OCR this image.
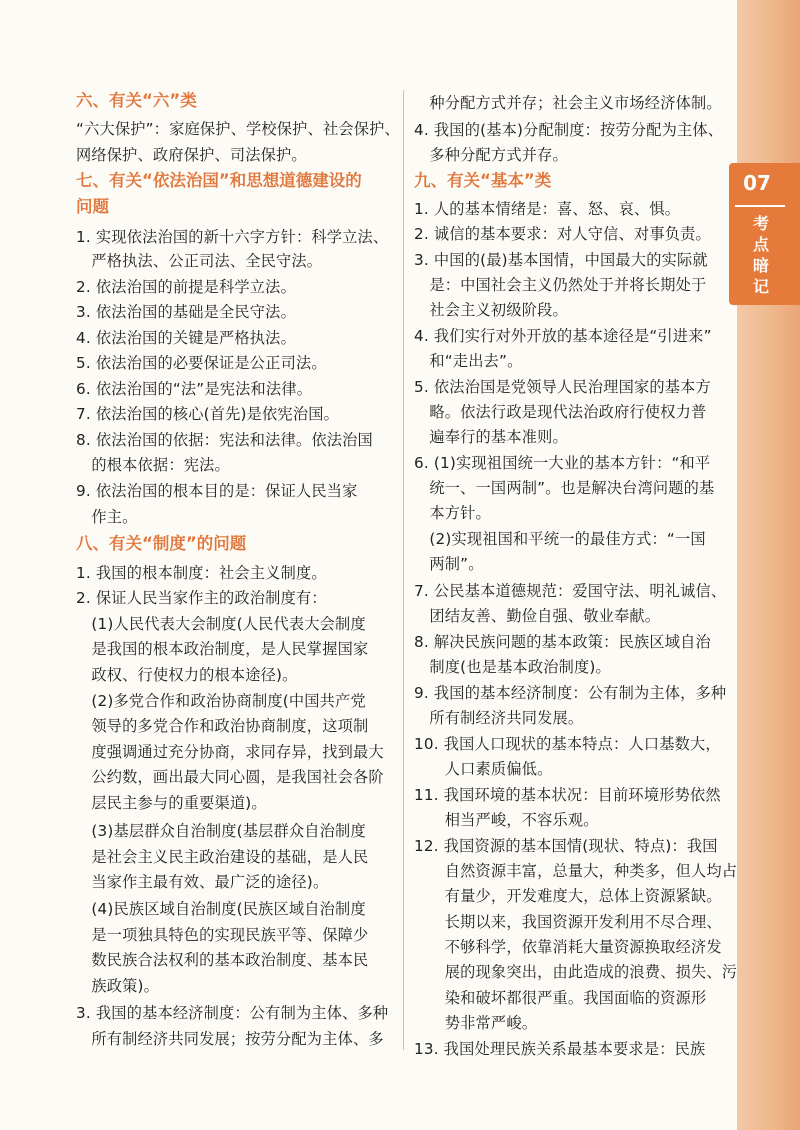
07
考
点
暗
记
六、有关“六”类
“六大保护”：家庭保护、学校保护、社会保护、
网络保护、政府保护、司法保护。
七、有关“依法治国”和思想道德建设的
问题
1. 实现依法治国的新十六字方针：科学立法、
　严格执法、公正司法、全民守法。
2. 依法治国的前提是科学立法。
3. 依法治国的基础是全民守法。
4. 依法治国的关键是严格执法。
5. 依法治国的必要保证是公正司法。
6. 依法治国的“法”是宪法和法律。
7. 依法治国的核心(首先)是依宪治国。
8. 依法治国的依据：宪法和法律。依法治国
　的根本依据：宪法。
9. 依法治国的根本目的是：保证人民当家
　作主。
八、有关“制度”的问题
1. 我国的根本制度：社会主义制度。
2. 保证人民当家作主的政治制度有：
　(1)人民代表大会制度(人民代表大会制度
　是我国的根本政治制度，是人民掌握国家
　政权、行使权力的根本途径)。
　(2)多党合作和政治协商制度(中国共产党
　领导的多党合作和政治协商制度，这项制
　度强调通过充分协商，求同存异，找到最大
　公约数，画出最大同心圆，是我国社会各阶
　层民主参与的重要渠道)。
　(3)基层群众自治制度(基层群众自治制度
　是社会主义民主政治建设的基础，是人民
　当家作主最有效、最广泛的途径)。
　(4)民族区域自治制度(民族区域自治制度
　是一项独具特色的实现民族平等、保障少
　数民族合法权利的基本政治制度、基本民
　族政策)。
3. 我国的基本经济制度：公有制为主体、多种
　所有制经济共同发展；按劳分配为主体、多
　种分配方式并存；社会主义市场经济体制。
4. 我国的(基本)分配制度：按劳分配为主体、
　多种分配方式并存。
九、有关“基本”类
1. 人的基本情绪是：喜、怒、哀、惧。
2. 诚信的基本要求：对人守信、对事负责。
3. 中国的(最)基本国情，中国最大的实际就
　是：中国社会主义仍然处于并将长期处于
　社会主义初级阶段。
4. 我们实行对外开放的基本途径是“引进来”
　和“走出去”。
5. 依法治国是党领导人民治理国家的基本方
　略。依法行政是现代法治政府行使权力普
　遍奉行的基本准则。
6. (1)实现祖国统一大业的基本方针：“和平
　统一、一国两制”。也是解决台湾问题的基
　本方针。
　(2)实现祖国和平统一的最佳方式：“一国
　两制”。
7. 公民基本道德规范：爱国守法、明礼诚信、
　团结友善、勤俭自强、敬业奉献。
8. 解决民族问题的基本政策：民族区域自治
　制度(也是基本政治制度)。
9. 我国的基本经济制度：公有制为主体，多种
　所有制经济共同发展。
10. 我国人口现状的基本特点：人口基数大，
　　人口素质偏低。
11. 我国环境的基本状况：目前环境形势依然
　　相当严峻，不容乐观。
12. 我国资源的基本国情(现状、特点)：我国
　　自然资源丰富，总量大，种类多，但人均占
　　有量少，开发难度大，总体上资源紧缺。
　　长期以来，我国资源开发利用不尽合理、
　　不够科学，依靠消耗大量资源换取经济发
　　展的现象突出，由此造成的浪费、损失、污
　　染和破坏都很严重。我国面临的资源形
　　势非常严峻。
13. 我国处理民族关系最基本要求是：民族
